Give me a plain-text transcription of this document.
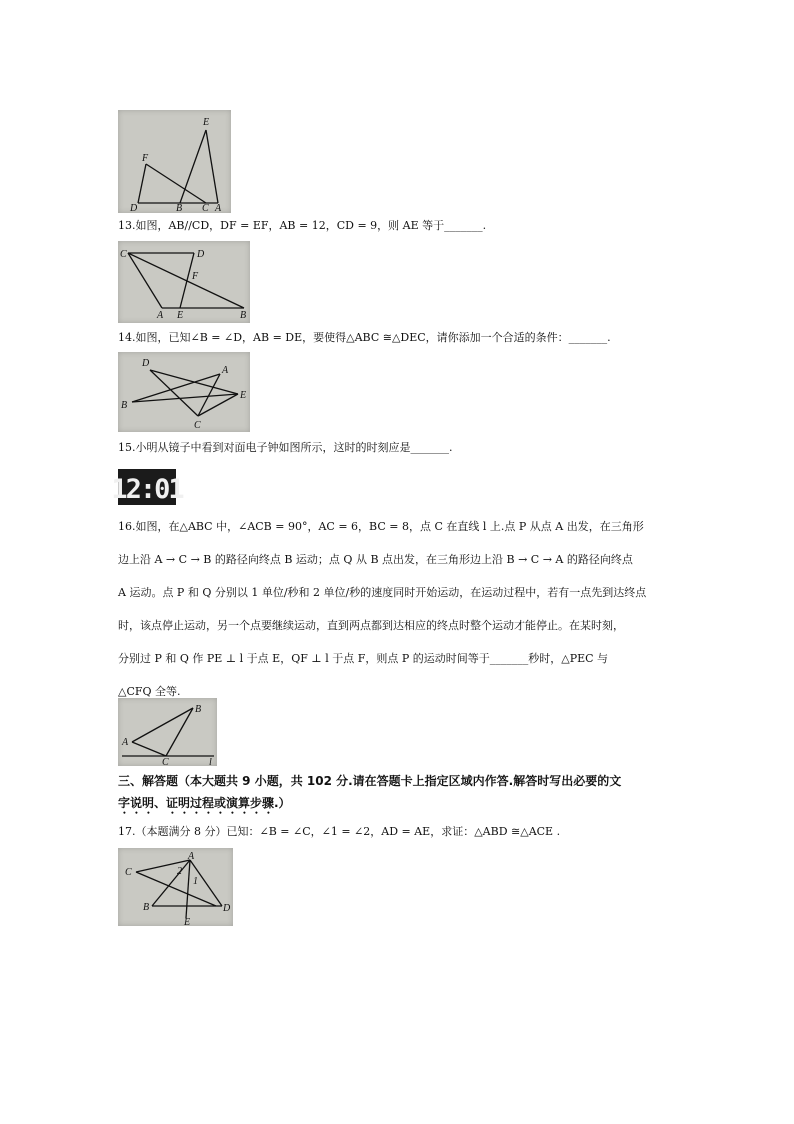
E
F
D	B C A
13.如图，AB//CD，DF = EF，AB = 12，CD = 9，则 AE 等于_______.
C	D
F
A E	B
14.如图，已知∠B = ∠D，AB = DE，要使得△ABC ≅△DEC，请你添加一个合适的条件：_______.
D
A
B
E
C
15.小明从镜子中看到对面电子钟如图所示，这时的时刻应是_______.
12:01
16.如图，在△ABC 中，∠ACB = 90°，AC = 6，BC = 8，点 C 在直线 l 上.点 P 从点 A 出发，在三角形
边上沿 A → C → B 的路径向终点 B 运动；点 Q 从 B 点出发，在三角形边上沿 B → C → A 的路径向终点
A 运动。点 P 和 Q 分别以 1 单位/秒和 2 单位/秒的速度同时开始运动，在运动过程中，若有一点先到达终点
时，该点停止运动，另一个点要继续运动，直到两点都到达相应的终点时整个运动才能停止。在某时刻，
分别过 P 和 Q 作 PE ⊥ l 于点 E，QF ⊥ l 于点 F，则点 P 的运动时间等于_______秒时，△PEC 与
△CFQ 全等.
B
A
C	l
三、解答题（本大题共 9 小题，共 102 分.请在答题卡上指定区域内作答.解答时写出必要的文
字说明、证明过程或演算步骤.）
17.（本题满分 8 分）已知：∠B = ∠C，∠1 = ∠2，AD = AE，求证：△ABD ≅△ACE .
A
C	2
1
B
E
D
